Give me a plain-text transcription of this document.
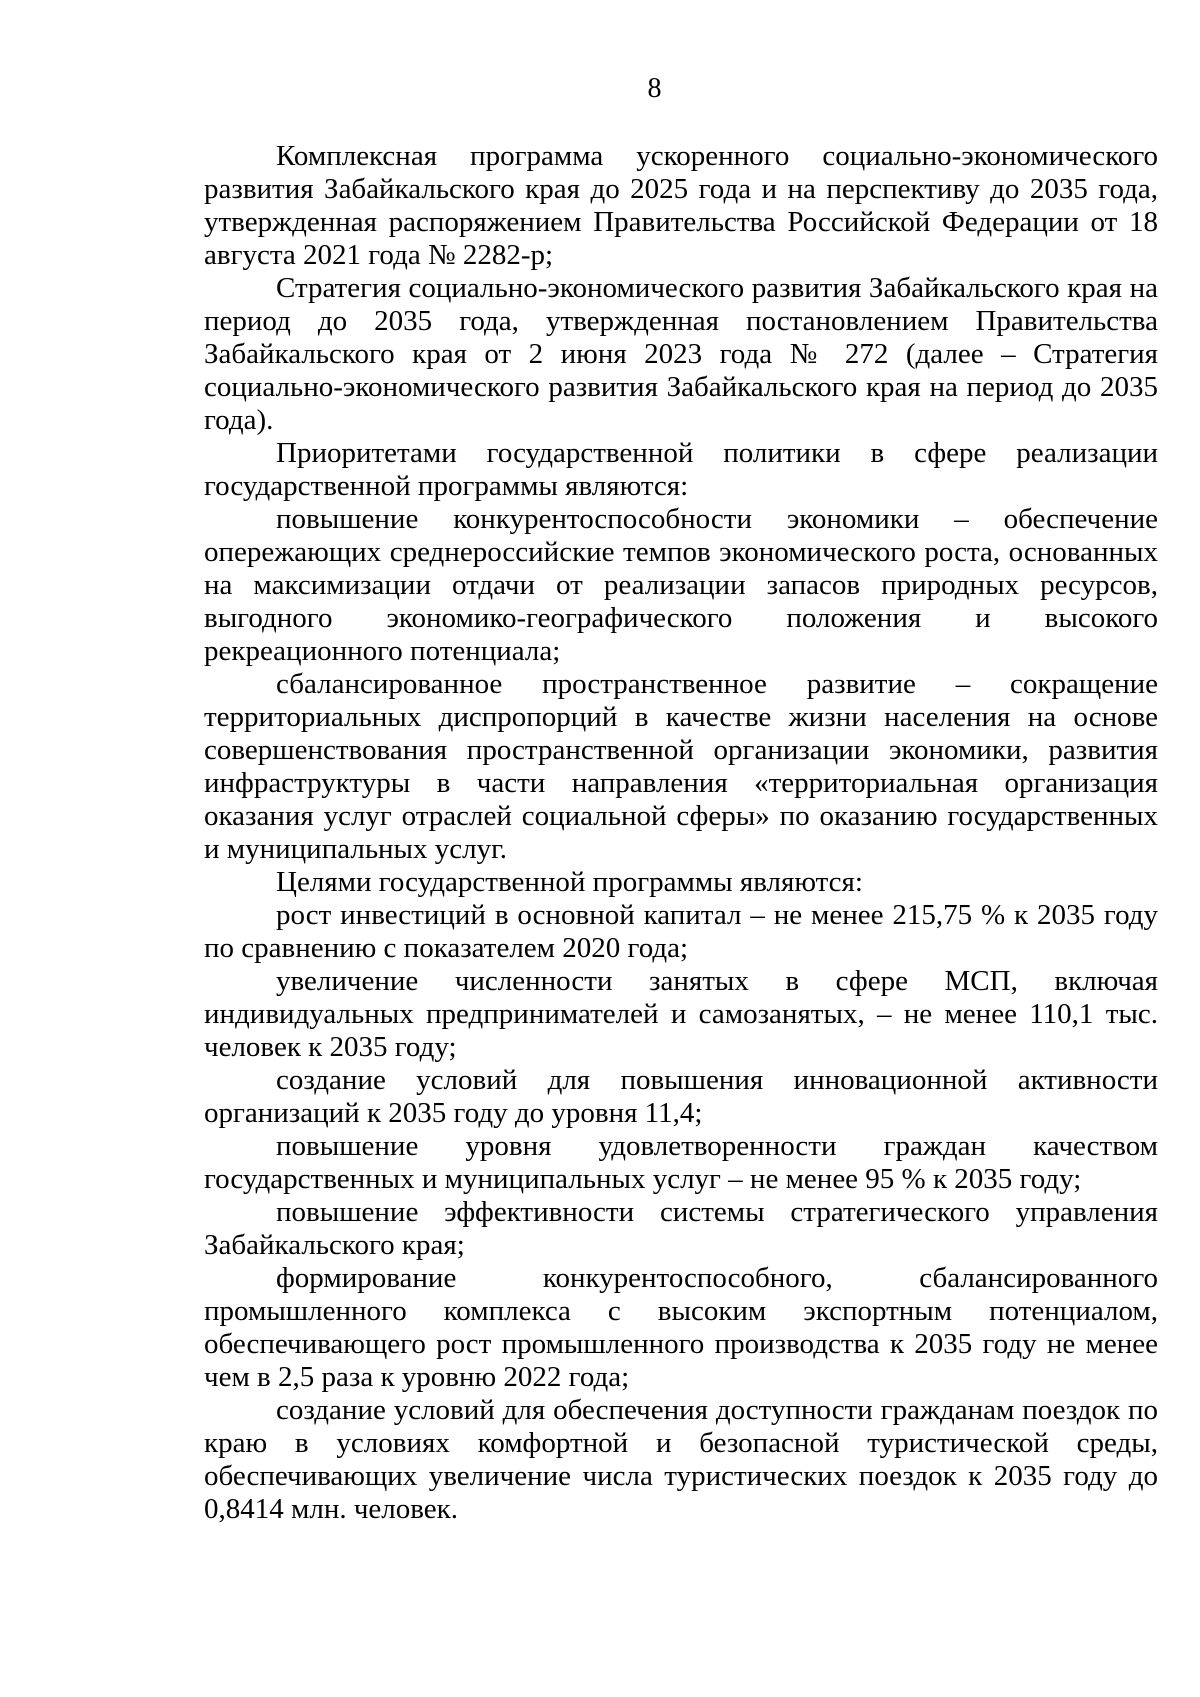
8

Комплексная программа ускоренного социально-экономического развития Забайкальского края до 2025 года и на перспективу до 2035 года, утвержденная распоряжением Правительства Российской Федерации от 18 августа 2021 года № 2282-р;

Стратегия социально-экономического развития Забайкальского края на период до 2035 года, утвержденная постановлением Правительства Забайкальского края от 2 июня 2023 года № 272 (далее – Стратегия социально-экономического развития Забайкальского края на период до 2035 года).

Приоритетами государственной политики в сфере реализации государственной программы являются:

повышение конкурентоспособности экономики – обеспечение опережающих среднероссийские темпов экономического роста, основанных на максимизации отдачи от реализации запасов природных ресурсов, выгодного экономико-географического положения и высокого рекреационного потенциала;

сбалансированное пространственное развитие – сокращение территориальных диспропорций в качестве жизни населения на основе совершенствования пространственной организации экономики, развития инфраструктуры в части направления «территориальная организация оказания услуг отраслей социальной сферы» по оказанию государственных и муниципальных услуг.

Целями государственной программы являются:

рост инвестиций в основной капитал – не менее 215,75 % к 2035 году по сравнению с показателем 2020 года;

увеличение численности занятых в сфере МСП, включая индивидуальных предпринимателей и самозанятых, – не менее 110,1 тыс. человек к 2035 году;

создание условий для повышения инновационной активности организаций к 2035 году до уровня 11,4;

повышение уровня удовлетворенности граждан качеством государственных и муниципальных услуг – не менее 95 % к 2035 году;

повышение эффективности системы стратегического управления Забайкальского края;

формирование конкурентоспособного, сбалансированного промышленного комплекса с высоким экспортным потенциалом, обеспечивающего рост промышленного производства к 2035 году не менее чем в 2,5 раза к уровню 2022 года;

создание условий для обеспечения доступности гражданам поездок по краю в условиях комфортной и безопасной туристической среды, обеспечивающих увеличение числа туристических поездок к 2035 году до 0,8414 млн. человек.
